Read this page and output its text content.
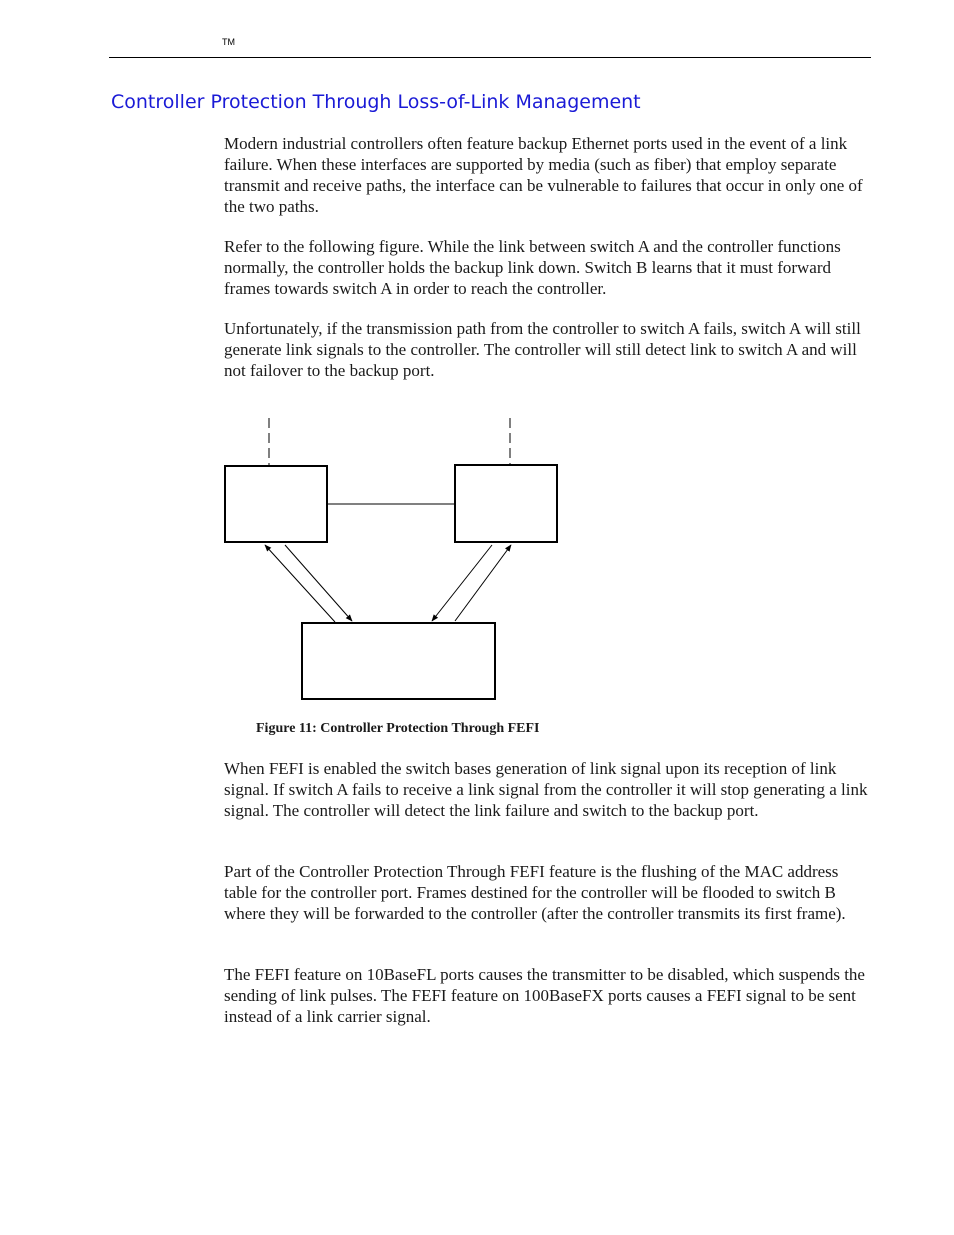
TM
Controller Protection Through Loss-of-Link Management

Modern industrial controllers often feature backup Ethernet ports used in the event of a link failure. When these interfaces are supported by media (such as fiber) that employ separate transmit and receive paths, the interface can be vulnerable to failures that occur in only one of the two paths.

Refer to the following figure. While the link between switch A and the controller functions normally, the controller holds the backup link down. Switch B learns that it must forward frames towards switch A in order to reach the controller.

Unfortunately, if the transmission path from the controller to switch A fails, switch A will still generate link signals to the controller. The controller will still detect link to switch A and will not failover to the backup port.

Figure 11: Controller Protection Through FEFI

When FEFI is enabled the switch bases generation of link signal upon its reception of link signal. If switch A fails to receive a link signal from the controller it will stop generating a link signal. The controller will detect the link failure and switch to the backup port.

Part of the Controller Protection Through FEFI feature is the flushing of the MAC address table for the controller port. Frames destined for the controller will be flooded to switch B where they will be forwarded to the controller (after the controller transmits its first frame).

The FEFI feature on 10BaseFL ports causes the transmitter to be disabled, which suspends the sending of link pulses. The FEFI feature on 100BaseFX ports causes a FEFI signal to be sent instead of a link carrier signal.
